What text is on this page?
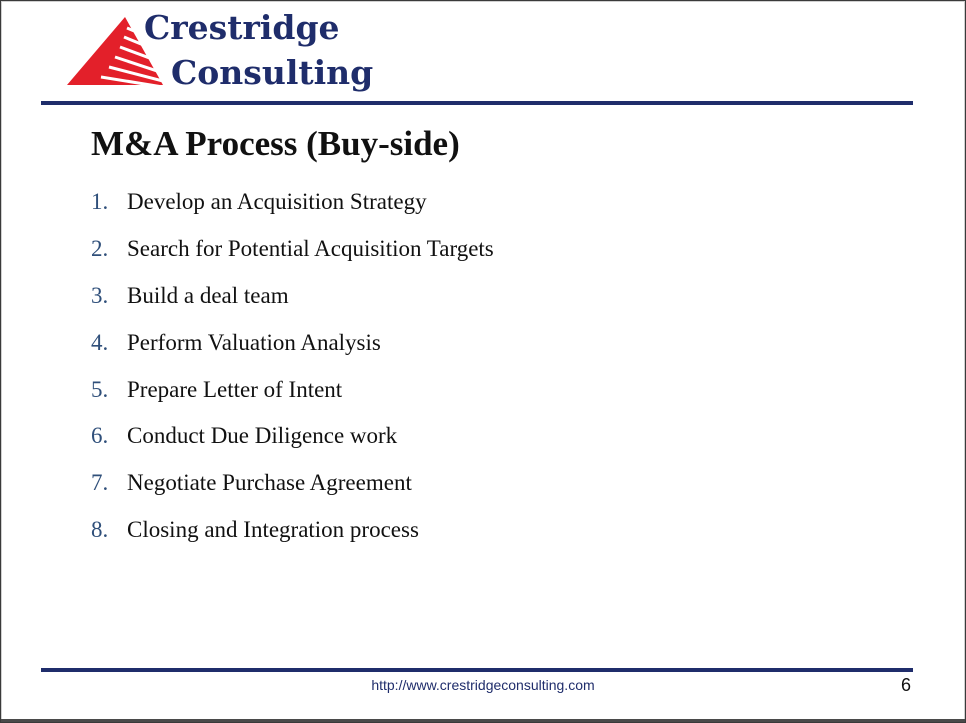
Crestridge
Consulting
M&A Process (Buy-side)
1. Develop an Acquisition Strategy
2. Search for Potential Acquisition Targets
3. Build a deal team
4. Perform Valuation Analysis
5. Prepare Letter of Intent
6. Conduct Due Diligence work
7. Negotiate Purchase Agreement
8. Closing and Integration process
http://www.crestridgeconsulting.com	6
